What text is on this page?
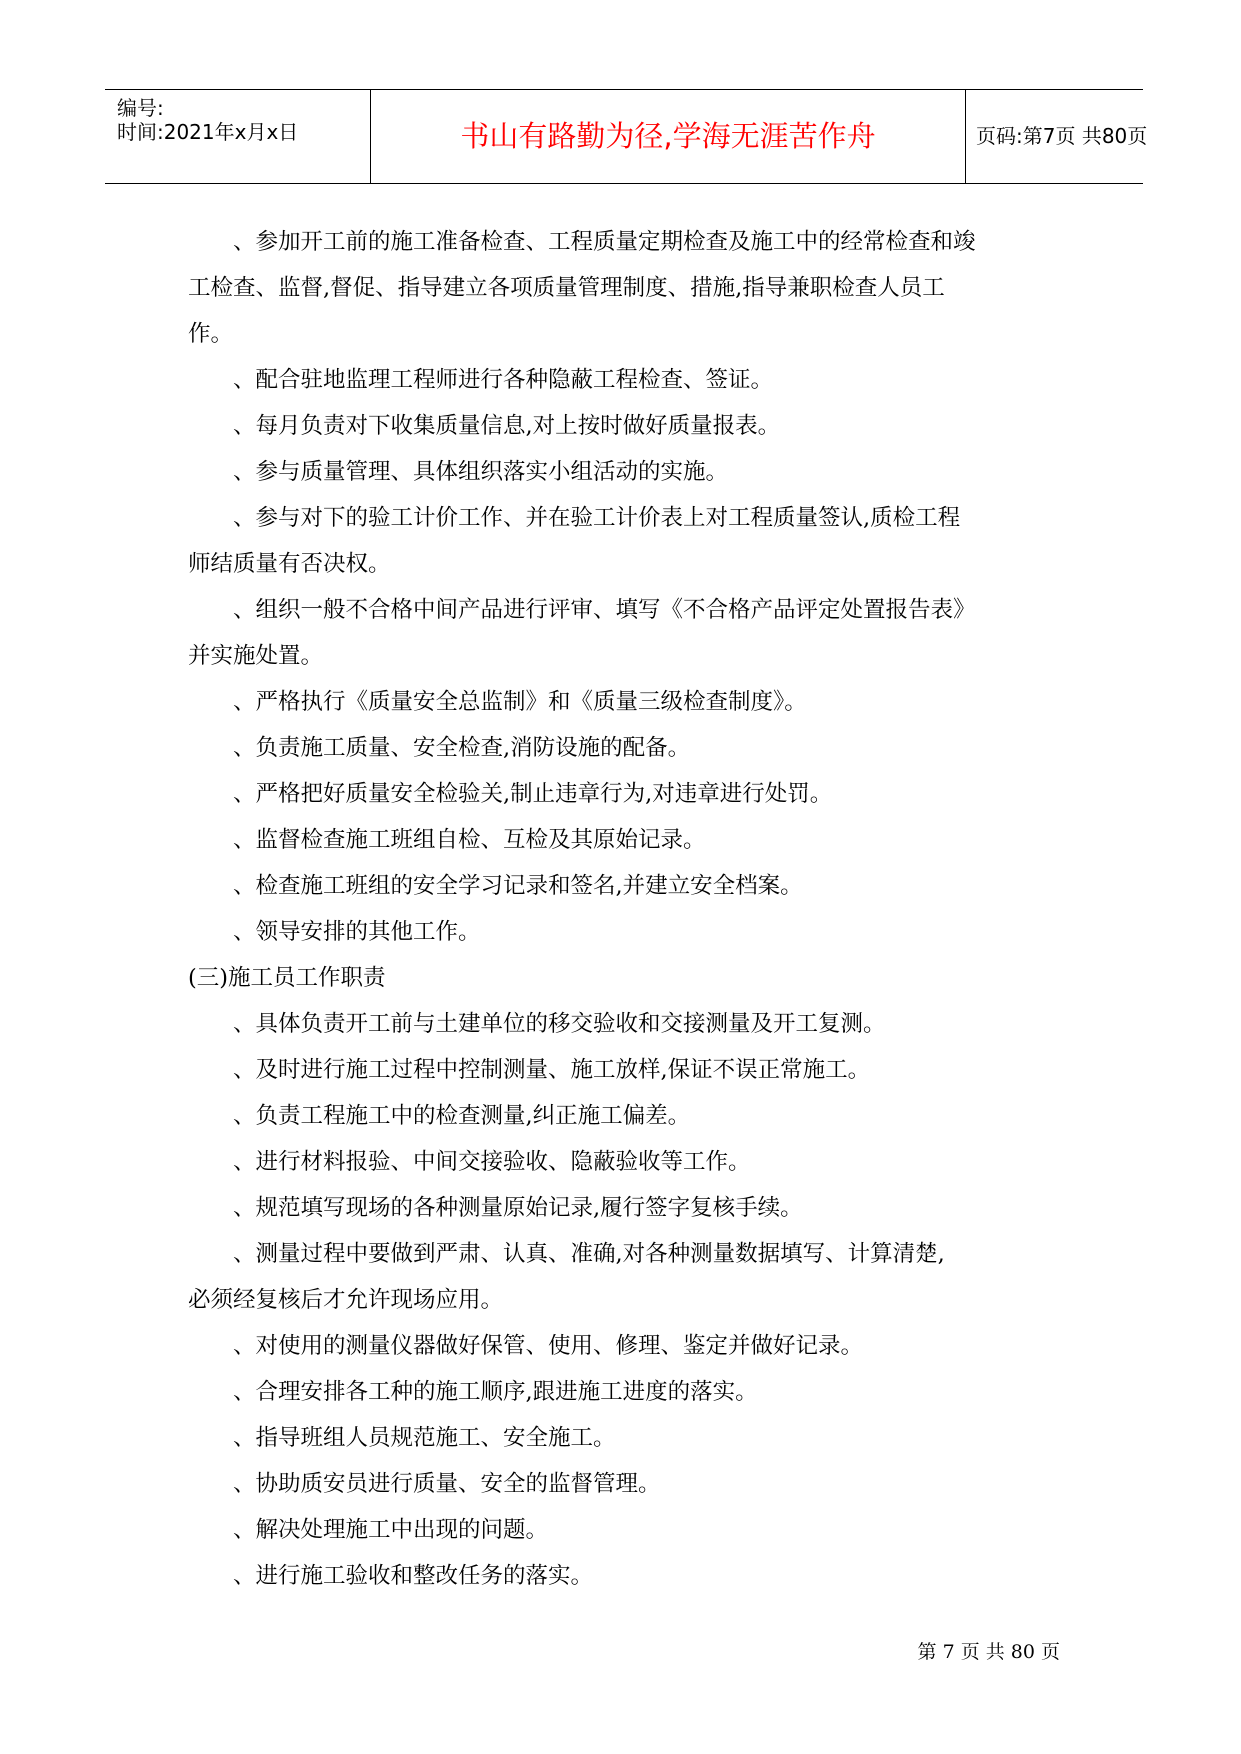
编号:
时间:2021年x月x日	书山有路勤为径,学海无涯苦作舟	页码:第7页 共80页

、参加开工前的施工准备检查、工程质量定期检查及施工中的经常检查和竣

工检查、监督,督促、指导建立各项质量管理制度、措施,指导兼职检查人员工

作。

、配合驻地监理工程师进行各种隐蔽工程检查、签证。

、每月负责对下收集质量信息,对上按时做好质量报表。

、参与质量管理、具体组织落实小组活动的实施。

、参与对下的验工计价工作、并在验工计价表上对工程质量签认,质检工程

师结质量有否决权。

、组织一般不合格中间产品进行评审、填写《不合格产品评定处置报告表》

并实施处置。

、严格执行《质量安全总监制》和《质量三级检查制度》。

、负责施工质量、安全检查,消防设施的配备。

、严格把好质量安全检验关,制止违章行为,对违章进行处罚。

、监督检查施工班组自检、互检及其原始记录。

、检查施工班组的安全学习记录和签名,并建立安全档案。

、领导安排的其他工作。

(三)施工员工作职责

、具体负责开工前与土建单位的移交验收和交接测量及开工复测。

、及时进行施工过程中控制测量、施工放样,保证不误正常施工。

、负责工程施工中的检查测量,纠正施工偏差。

、进行材料报验、中间交接验收、隐蔽验收等工作。

、规范填写现场的各种测量原始记录,履行签字复核手续。

、测量过程中要做到严肃、认真、准确,对各种测量数据填写、计算清楚,

必须经复核后才允许现场应用。

、对使用的测量仪器做好保管、使用、修理、鉴定并做好记录。

、合理安排各工种的施工顺序,跟进施工进度的落实。

、指导班组人员规范施工、安全施工。

、协助质安员进行质量、安全的监督管理。

、解决处理施工中出现的问题。

、进行施工验收和整改任务的落实。

第 7 页 共 80 页
